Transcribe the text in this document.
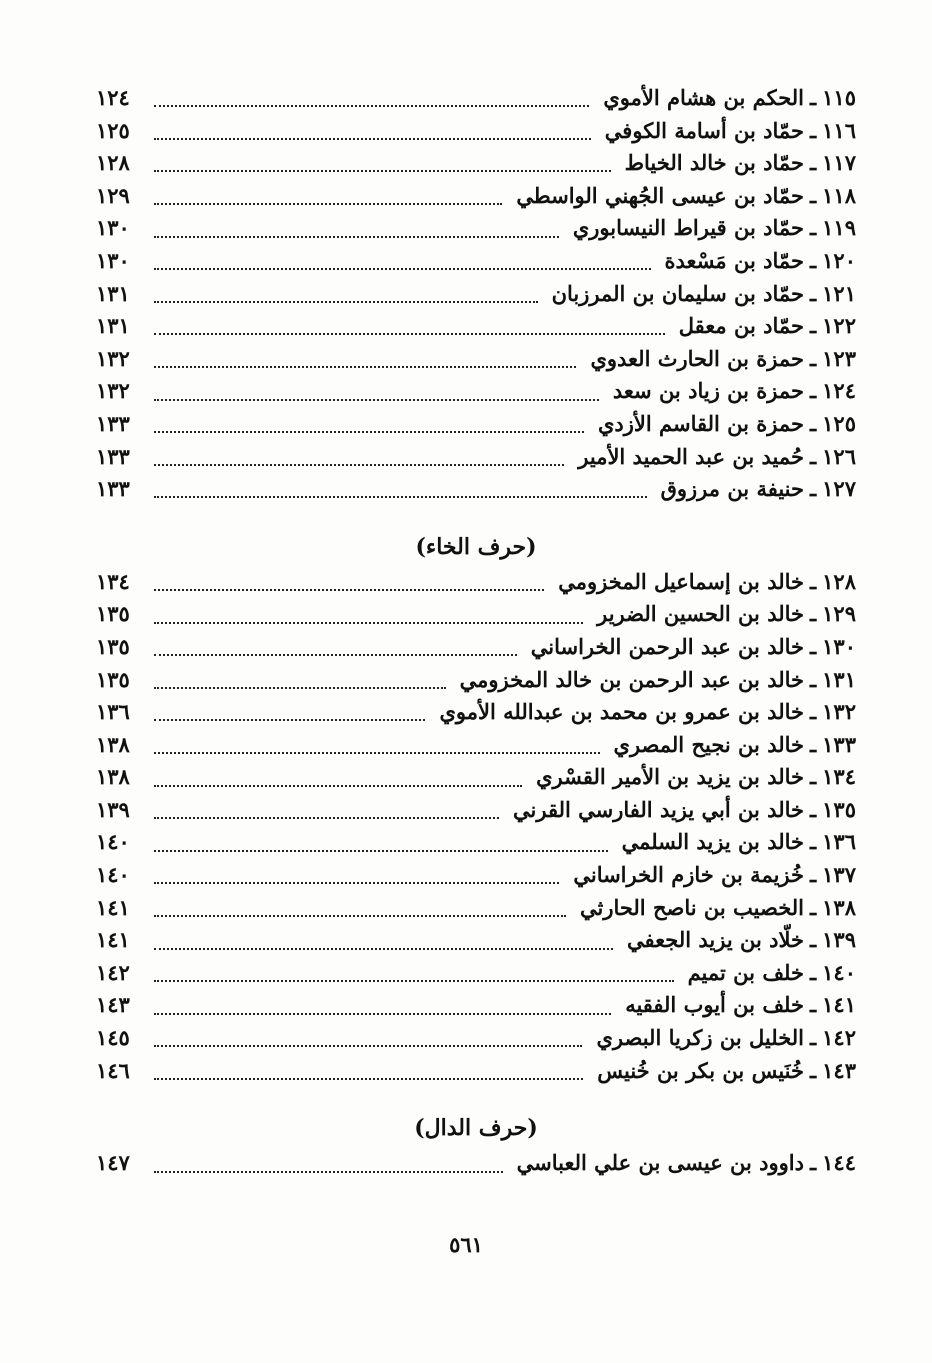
١١٥
ـ
الحكم بن هشام الأموي
١٢٤
١١٦
ـ
حمّاد بن أسامة الكوفي
١٢٥
١١٧
ـ
حمّاد بن خالد الخياط
١٢٨
١١٨
ـ
حمّاد بن عيسى الجُهني الواسطي
١٢٩
١١٩
ـ
حمّاد بن قيراط النيسابوري
١٣٠
١٢٠
ـ
حمّاد بن مَسْعدة
١٣٠
١٢١
ـ
حمّاد بن سليمان بن المرزبان
١٣١
١٢٢
ـ
حمّاد بن معقل
١٣١
١٢٣
ـ
حمزة بن الحارث العدوي
١٣٢
١٢٤
ـ
حمزة بن زياد بن سعد
١٣٢
١٢٥
ـ
حمزة بن القاسم الأزدي
١٣٣
١٢٦
ـ
حُميد بن عبد الحميد الأمير
١٣٣
١٢٧
ـ
حنيفة بن مرزوق
١٣٣
(حرف الخاء)
١٢٨
ـ
خالد بن إسماعيل المخزومي
١٣٤
١٢٩
ـ
خالد بن الحسين الضرير
١٣٥
١٣٠
ـ
خالد بن عبد الرحمن الخراساني
١٣٥
١٣١
ـ
خالد بن عبد الرحمن بن خالد المخزومي
١٣٥
١٣٢
ـ
خالد بن عمرو بن محمد بن عبدالله الأموي
١٣٦
١٣٣
ـ
خالد بن نجيح المصري
١٣٨
١٣٤
ـ
خالد بن يزيد بن الأمير القسْري
١٣٨
١٣٥
ـ
خالد بن أبي يزيد الفارسي القرني
١٣٩
١٣٦
ـ
خالد بن يزيد السلمي
١٤٠
١٣٧
ـ
خُزيمة بن خازم الخراساني
١٤٠
١٣٨
ـ
الخصيب بن ناصح الحارثي
١٤١
١٣٩
ـ
خلّاد بن يزيد الجعفي
١٤١
١٤٠
ـ
خلف بن تميم
١٤٢
١٤١
ـ
خلف بن أيوب الفقيه
١٤٣
١٤٢
ـ
الخليل بن زكريا البصري
١٤٥
١٤٣
ـ
خُنَيس بن بكر بن خُنيس
١٤٦
(حرف الدال)
١٤٤
ـ
داوود بن عيسى بن علي العباسي
١٤٧
٥٦١
